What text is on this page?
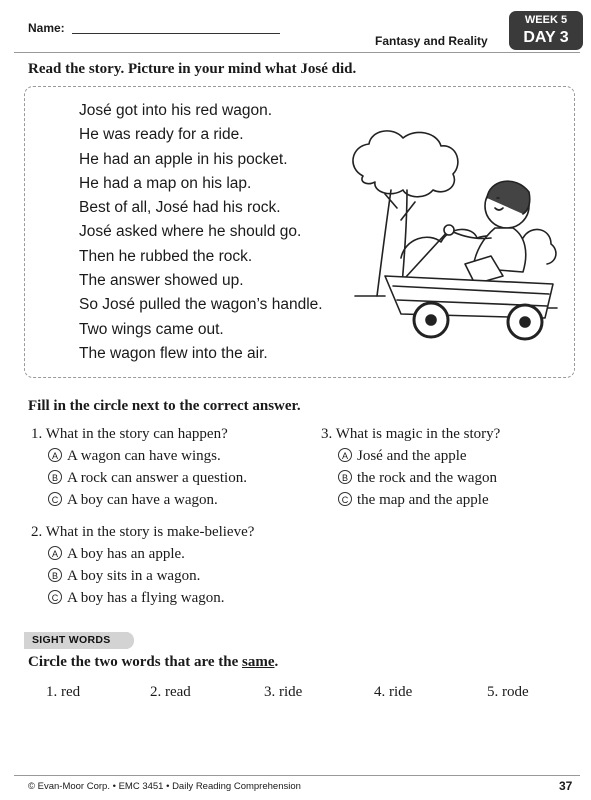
Name:
Fantasy and Reality
WEEK 5
DAY 3
Read the story. Picture in your mind what José did.
José got into his red wagon.
He was ready for a ride.
He had an apple in his pocket.
He had a map on his lap.
Best of all, José had his rock.
José asked where he should go.
Then he rubbed the rock.
The answer showed up.
So José pulled the wagon’s handle.
Two wings came out.
The wagon flew into the air.
Fill in the circle next to the correct answer.
1. What in the story can happen?
A A wagon can have wings.
B A rock can answer a question.
C A boy can have a wagon.
3. What is magic in the story?
A José and the apple
B the rock and the wagon
C the map and the apple
2. What in the story is make-believe?
A A boy has an apple.
B A boy sits in a wagon.
C A boy has a flying wagon.
SIGHT WORDS
Circle the two words that are the same.
1. red	2. read	3. ride	4. ride	5. rode
© Evan-Moor Corp. • EMC 3451 • Daily Reading Comprehension	37
